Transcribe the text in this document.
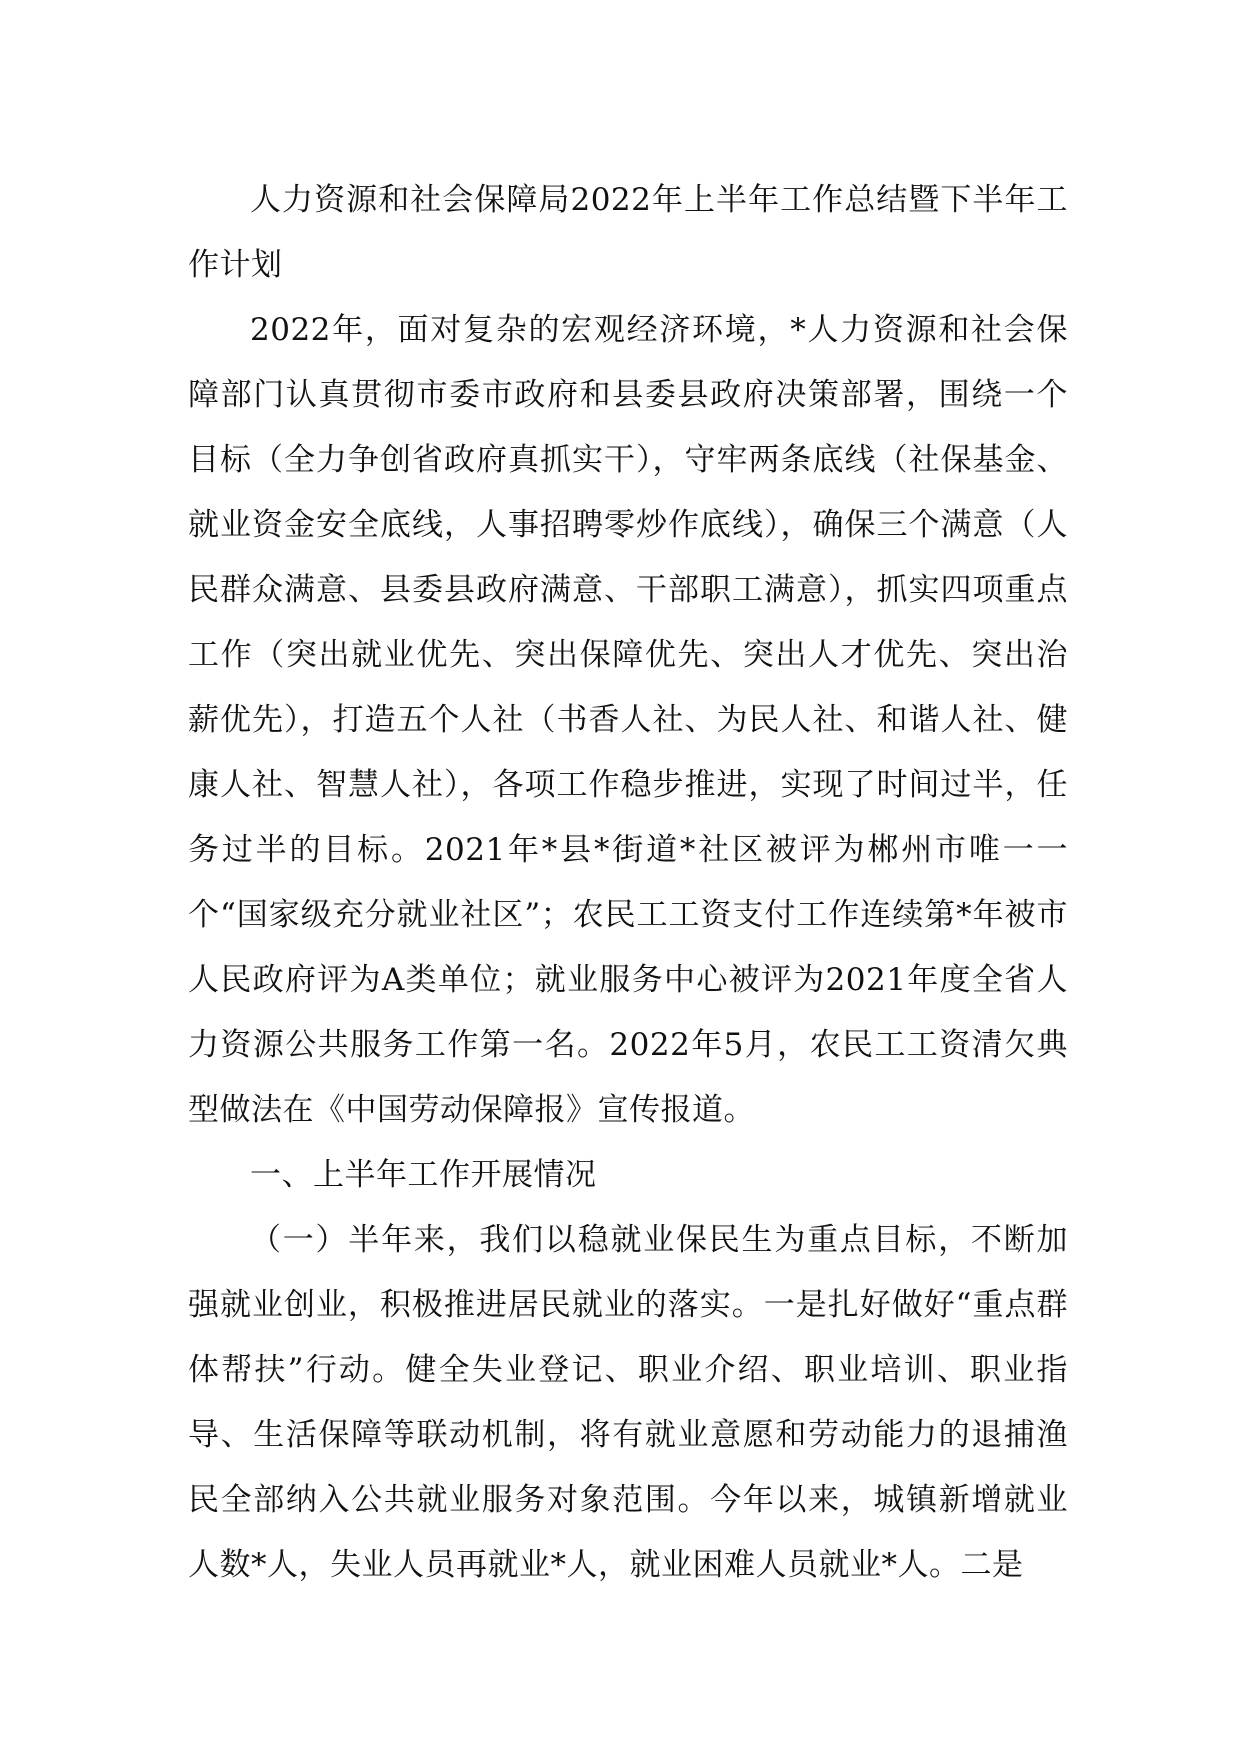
人力资源和社会保障局2022年上半年工作总结暨下半年工作计划

2022年，面对复杂的宏观经济环境，*人力资源和社会保障部门认真贯彻市委市政府和县委县政府决策部署，围绕一个目标（全力争创省政府真抓实干），守牢两条底线（社保基金、就业资金安全底线，人事招聘零炒作底线），确保三个满意（人民群众满意、县委县政府满意、干部职工满意），抓实四项重点工作（突出就业优先、突出保障优先、突出人才优先、突出治薪优先），打造五个人社（书香人社、为民人社、和谐人社、健康人社、智慧人社），各项工作稳步推进，实现了时间过半，任务过半的目标。2021年*县*街道*社区被评为郴州市唯一一个“国家级充分就业社区”；农民工工资支付工作连续第*年被市人民政府评为A类单位；就业服务中心被评为2021年度全省人力资源公共服务工作第一名。2022年5月，农民工工资清欠典型做法在《中国劳动保障报》宣传报道。

一、上半年工作开展情况

（一）半年来，我们以稳就业保民生为重点目标，不断加强就业创业，积极推进居民就业的落实。一是扎好做好“重点群体帮扶”行动。健全失业登记、职业介绍、职业培训、职业指导、生活保障等联动机制，将有就业意愿和劳动能力的退捕渔民全部纳入公共就业服务对象范围。今年以来，城镇新增就业人数*人，失业人员再就业*人，就业困难人员就业*人。二是
